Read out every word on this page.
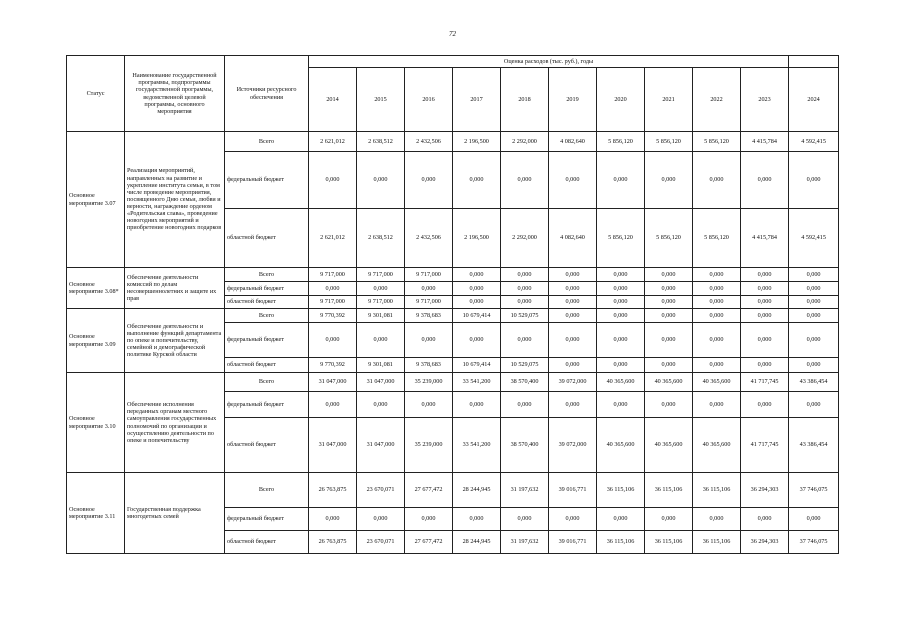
72
Статус	Наименование государственной программы, подпрограммы государственной программы, ведомственной целевой программы, основного мероприятия	Источники ресурсного обеспечения	Оценка расходов (тыс. руб.), годы										
			2014	2015	2016	2017	2018	2019	2020	2021	2022	2023	2024
Основное мероприятие 3.07	Реализация мероприятий, направленных на развитие и укрепление института семьи, в том числе проведение мероприятия, посвященного Дню семьи, любви и верности, награждение орденом «Родительская слава», проведение новогодних мероприятий и приобретение новогодних подарков	Всего	2 621,012	2 638,512	2 432,506	2 196,500	2 292,000	4 082,640	5 856,120	5 856,120	5 856,120	4 415,784	4 592,415
		федеральный бюджет	0,000	0,000	0,000	0,000	0,000	0,000	0,000	0,000	0,000	0,000	0,000
		областной бюджет	2 621,012	2 638,512	2 432,506	2 196,500	2 292,000	4 082,640	5 856,120	5 856,120	5 856,120	4 415,784	4 592,415
Основное мероприятие 3.08*	Обеспечение деятельности комиссий по делам несовершеннолетних и защите их прав	Всего	9 717,000	9 717,000	9 717,000	0,000	0,000	0,000	0,000	0,000	0,000	0,000	0,000
		федеральный бюджет	0,000	0,000	0,000	0,000	0,000	0,000	0,000	0,000	0,000	0,000	0,000
		областной бюджет	9 717,000	9 717,000	9 717,000	0,000	0,000	0,000	0,000	0,000	0,000	0,000	0,000
Основное мероприятие 3.09	Обеспечение деятельности и выполнение функций департамента по опеке и попечительству, семейной и демографической политике Курской области	Всего	9 770,392	9 301,081	9 378,683	10 679,414	10 529,075	0,000	0,000	0,000	0,000	0,000	0,000
		федеральный бюджет	0,000	0,000	0,000	0,000	0,000	0,000	0,000	0,000	0,000	0,000	0,000
		областной бюджет	9 770,392	9 301,081	9 378,683	10 679,414	10 529,075	0,000	0,000	0,000	0,000	0,000	0,000
Основное мероприятие 3.10	Обеспечение исполнения переданных органам местного самоуправления государственных полномочий по организации и осуществлению деятельности по опеке и попечительству	Всего	31 047,000	31 047,000	35 239,000	33 541,200	38 570,400	39 072,000	40 365,600	40 365,600	40 365,600	41 717,745	43 386,454
		федеральный бюджет	0,000	0,000	0,000	0,000	0,000	0,000	0,000	0,000	0,000	0,000	0,000
		областной бюджет	31 047,000	31 047,000	35 239,000	33 541,200	38 570,400	39 072,000	40 365,600	40 365,600	40 365,600	41 717,745	43 386,454
Основное мероприятие 3.11	Государственная поддержка многодетных семей	Всего	26 763,875	23 670,071	27 677,472	28 244,945	31 197,632	39 016,771	36 115,106	36 115,106	36 115,106	36 294,303	37 746,075
		федеральный бюджет	0,000	0,000	0,000	0,000	0,000	0,000	0,000	0,000	0,000	0,000	0,000
		областной бюджет	26 763,875	23 670,071	27 677,472	28 244,945	31 197,632	39 016,771	36 115,106	36 115,106	36 115,106	36 294,303	37 746,075
